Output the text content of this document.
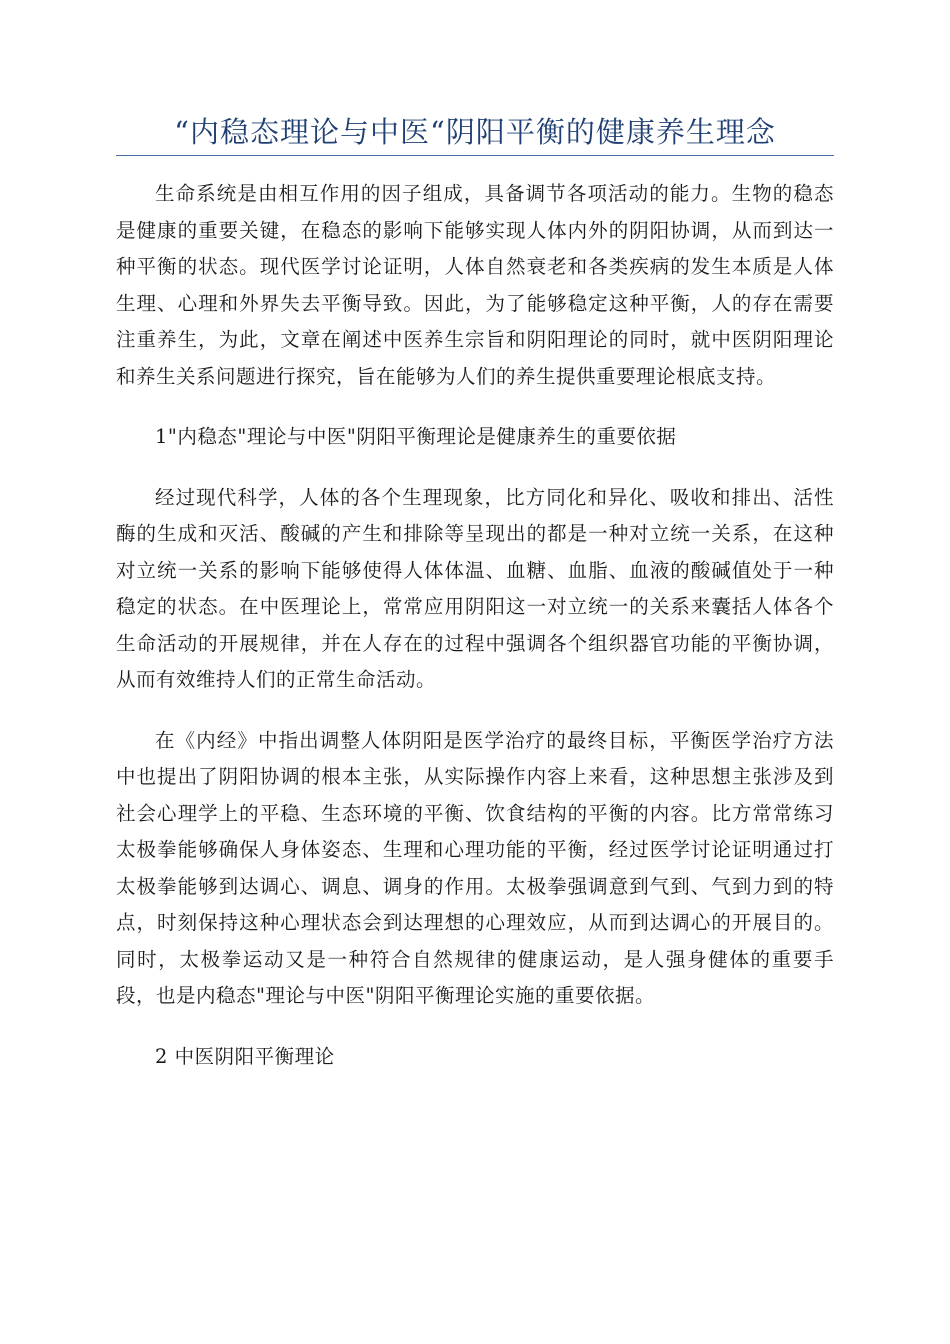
“内稳态理论与中医“阴阳平衡的健康养生理念

生命系统是由相互作用的因子组成，具备调节各项活动的能力。生物的稳态是健康的重要关键，在稳态的影响下能够实现人体内外的阴阳协调，从而到达一种平衡的状态。现代医学讨论证明，人体自然衰老和各类疾病的发生本质是人体生理、心理和外界失去平衡导致。因此，为了能够稳定这种平衡，人的存在需要注重养生，为此，文章在阐述中医养生宗旨和阴阳理论的同时，就中医阴阳理论和养生关系问题进行探究，旨在能够为人们的养生提供重要理论根底支持。

1"内稳态"理论与中医"阴阳平衡理论是健康养生的重要依据

经过现代科学，人体的各个生理现象，比方同化和异化、吸收和排出、活性酶的生成和灭活、酸碱的产生和排除等呈现出的都是一种对立统一关系，在这种对立统一关系的影响下能够使得人体体温、血糖、血脂、血液的酸碱值处于一种稳定的状态。在中医理论上，常常应用阴阳这一对立统一的关系来囊括人体各个生命活动的开展规律，并在人存在的过程中强调各个组织器官功能的平衡协调，从而有效维持人们的正常生命活动。

在《内经》中指出调整人体阴阳是医学治疗的最终目标，平衡医学治疗方法中也提出了阴阳协调的根本主张，从实际操作内容上来看，这种思想主张涉及到社会心理学上的平稳、生态环境的平衡、饮食结构的平衡的内容。比方常常练习太极拳能够确保人身体姿态、生理和心理功能的平衡，经过医学讨论证明通过打太极拳能够到达调心、调息、调身的作用。太极拳强调意到气到、气到力到的特点，时刻保持这种心理状态会到达理想的心理效应，从而到达调心的开展目的。同时，太极拳运动又是一种符合自然规律的健康运动，是人强身健体的重要手段，也是内稳态"理论与中医"阴阳平衡理论实施的重要依据。

2 中医阴阳平衡理论
